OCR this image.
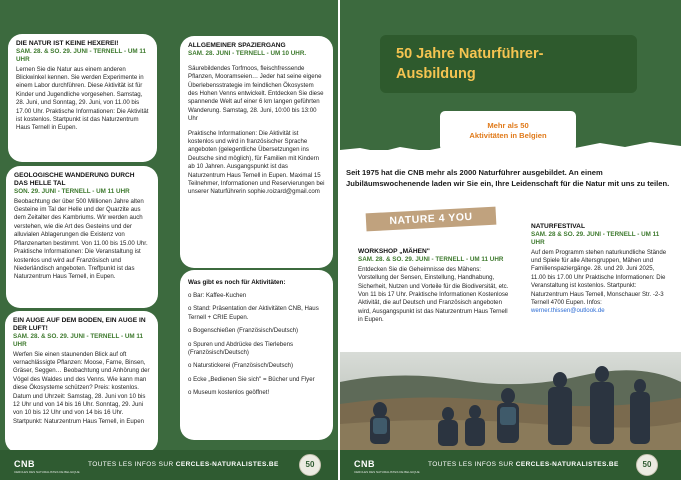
DIE NATUR IST KEINE HEXEREI!
SAM. 28. & SO. 29. JUNI - TERNELL - UM 11 UHR

Lernen Sie die Natur aus einem anderen Blickwinkel kennen. Sie werden Experimente in einem Labor durchführen. Diese Aktivität ist für Kinder und Jugendliche vorgesehen. Samstag, 28. Juni, und Sonntag, 29. Juni, von 11.00 bis 17.00 Uhr. Praktische Informationen: Die Aktivität ist kostenlos. Startpunkt ist das Naturzentrum Haus Ternell in Eupen.

GEOLOGISCHE WANDERUNG DURCH DAS HELLE TAL
SON. 29. JUNI - TERNELL - UM 11 UHR

Beobachtung der über 500 Millionen Jahre alten Gesteine im Tal der Helle und der Quarzite aus dem Zeitalter des Kambriums. Wir werden auch verstehen, wie die Art des Gesteins und der alluvialen Ablagerungen die Existenz von Pflanzenarten bestimmt. Von 11.00 bis 15.00 Uhr.

Praktische Informationen: Die Veranstaltung ist kostenlos und wird auf Französisch und Niederländisch angeboten. Treffpunkt ist das Naturzentrum Haus Ternell, in Eupen.

EIN AUGE AUF DEM BODEN, EIN AUGE IN DER LUFT!
SAM. 28. & SO. 29. JUNI - TERNELL - UM 11 UHR

Werfen Sie einen staunenden Blick auf oft vernachlässigte Pflanzen: Moose, Farne, Binsen, Gräser, Seggen… Beobachtung und Anhörung der Vögel des Waldes und des Venns. Wie kann man diese Ökosysteme schützen? Preis: kostenlos. Datum und Uhrzeit: Samstag, 28. Juni von 10 bis 12 Uhr und von 14 bis 16 Uhr. Sonntag, 29. Juni von 10 bis 12 Uhr und von 14 bis 16 Uhr. Startpunkt: Naturzentrum Haus Ternell, in Eupen

ALLGEMEINER SPAZIERGANG
SAM. 28. JUNI - TERNELL - UM 10 UHR.

Säurebildendes Torfmoos, fleischfressende Pflanzen, Mooramseien… Jeder hat seine eigene Überlebensstrategie im feindlichen Ökosystem des Hohen Venns entwickelt. Entdecken Sie diese spannende Welt auf einer 6 km langen geführten Wanderung. Samstag, 28. Juni, 10:00 bis 13:00 Uhr

Praktische Informationen: Die Aktivität ist kostenlos und wird in französischer Sprache angeboten (gelegentliche Übersetzungen ins Deutsche sind möglich), für Familien mit Kindern ab 10 Jahren. Ausgangspunkt ist das Naturzentrum Haus Ternell in Eupen. Maximal 15 Teilnehmer, Informationen und Reservierungen bei unserer Naturführerin sophie.roizard@gmail.com

Was gibt es noch für Aktivitäten:
o Bar: Kaffee-Kuchen
o Stand: Präsentation der Aktivitäten CNB, Haus Ternell + CRIE Eupen.
o Bogenschießen (Französisch/Deutsch)
o Spuren und Abdrücke des Tierlebens (Französisch/Deutsch)
o Naturstickerei (Französisch/Deutsch)
o Ecke „Bedienen Sie sich" = Bücher und Flyer
o Museum kostenlos geöffnet!
CNB
CERCLES DES NATURALISTES DE BELGIQUE
TOUTES LES INFOS SUR CERCLES-NATURALISTES.BE	50
50 Jahre Naturführer-
Ausbildung
Mehr als 50
Aktivitäten in Belgien
Seit 1975 hat die CNB mehr als 2000 Naturführer ausgebildet. An einem Jubiläumswochenende laden wir Sie ein, Ihre Leidenschaft für die Natur mit uns zu teilen.
NATURE 4 YOU
WORKSHOP „MÄHEN"
SAM. 28. & SO. 29. JUNI - TERNELL - UM 11 UHR

Entdecken Sie die Geheimnisse des Mähens: Vorstellung der Sensen, Einstellung, Handhabung, Sicherheit, Nutzen und Vorteile für die Biodiversität, etc. Von 11 bis 17 Uhr. Praktische Informationen Kostenlose Aktivität, die auf Deutsch und Französisch angeboten wird, Ausgangspunkt ist das Naturzentrum Haus Ternell in Eupen.

NATURFESTIVAL
SAM. 28 & SO. 29. JUNI - TERNELL - UM 11 UHR

Auf dem Programm stehen naturkundliche Stände und Spiele für alle Altersgruppen, Mähen und Familienspaziergänge. 28. und 29. Juni 2025, 11.00 bis 17.00 Uhr Praktische Informationen: Die Veranstaltung ist kostenlos. Startpunkt: Naturzentrum Haus Ternell, Monschauer Str. -2-3 Ternell 4700 Eupen. Infos: werner.thissen@outlook.de

CNB
CERCLES DES NATURALISTES DE BELGIQUE
TOUTES LES INFOS SUR CERCLES-NATURALISTES.BE	50
